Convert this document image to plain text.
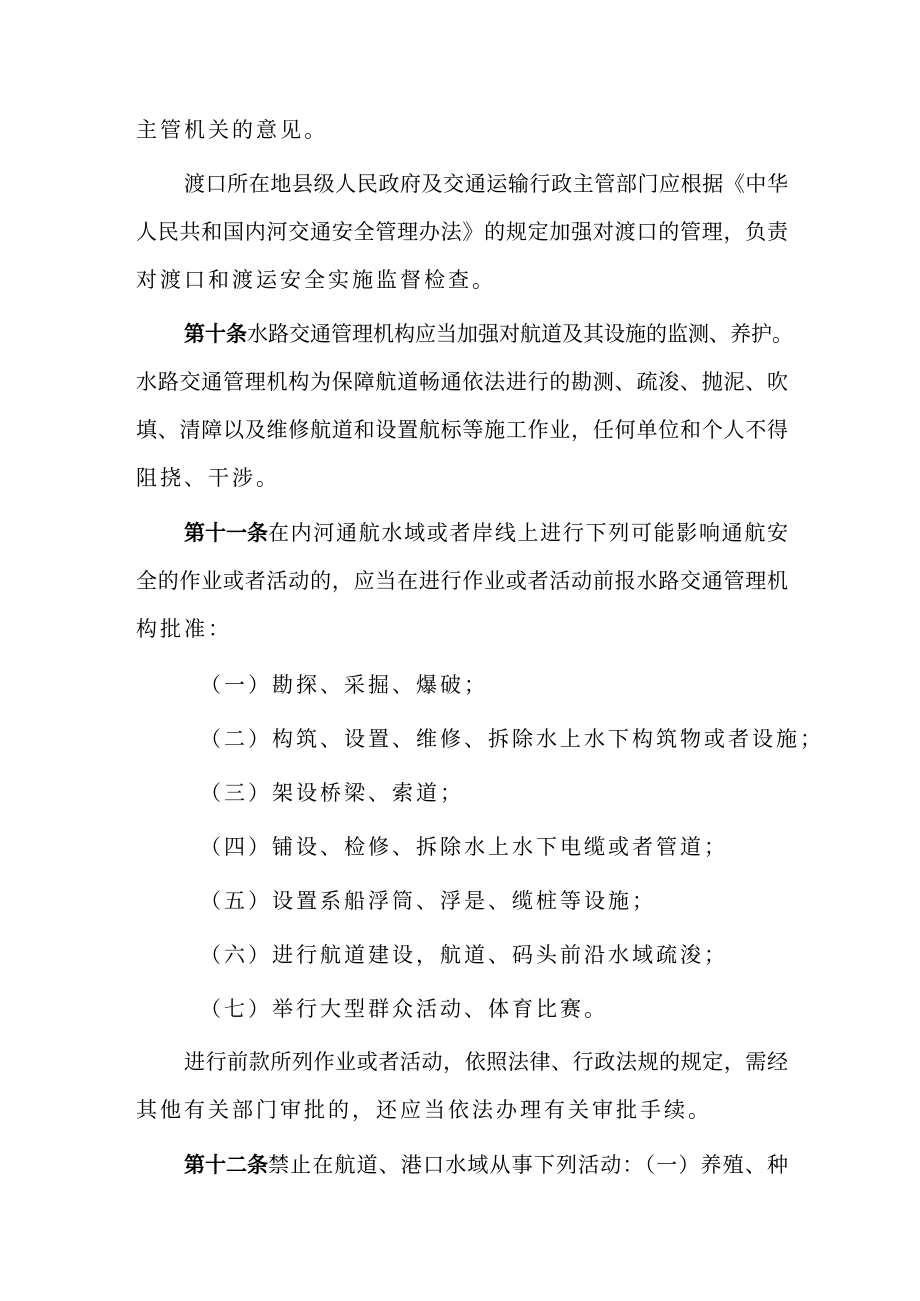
主管机关的意见。
渡口所在地县级人民政府及交通运输行政主管部门应根据《中华
人民共和国内河交通安全管理办法》的规定加强对渡口的管理，负责
对渡口和渡运安全实施监督检查。
第十条 水路交通管理机构应当加强对航道及其设施的监测、养护。
水路交通管理机构为保障航道畅通依法进行的勘测、疏浚、抛泥、吹
填、清障以及维修航道和设置航标等施工作业，任何单位和个人不得
阻挠、干涉。
第十一条 在内河通航水域或者岸线上进行下列可能影响通航安
全的作业或者活动的，应当在进行作业或者活动前报水路交通管理机
构批准：
（一）勘探、采掘、爆破；
（二）构筑、设置、维修、拆除水上水下构筑物或者设施；
（三）架设桥梁、索道；
（四）铺设、检修、拆除水上水下电缆或者管道；
（五）设置系船浮筒、浮是、缆桩等设施；
（六）进行航道建设，航道、码头前沿水域疏浚；
（七）举行大型群众活动、体育比赛。
进行前款所列作业或者活动，依照法律、行政法规的规定，需经
其他有关部门审批的，还应当依法办理有关审批手续。
第十二条 禁止在航道、港口水域从事下列活动：（一）养殖、种
